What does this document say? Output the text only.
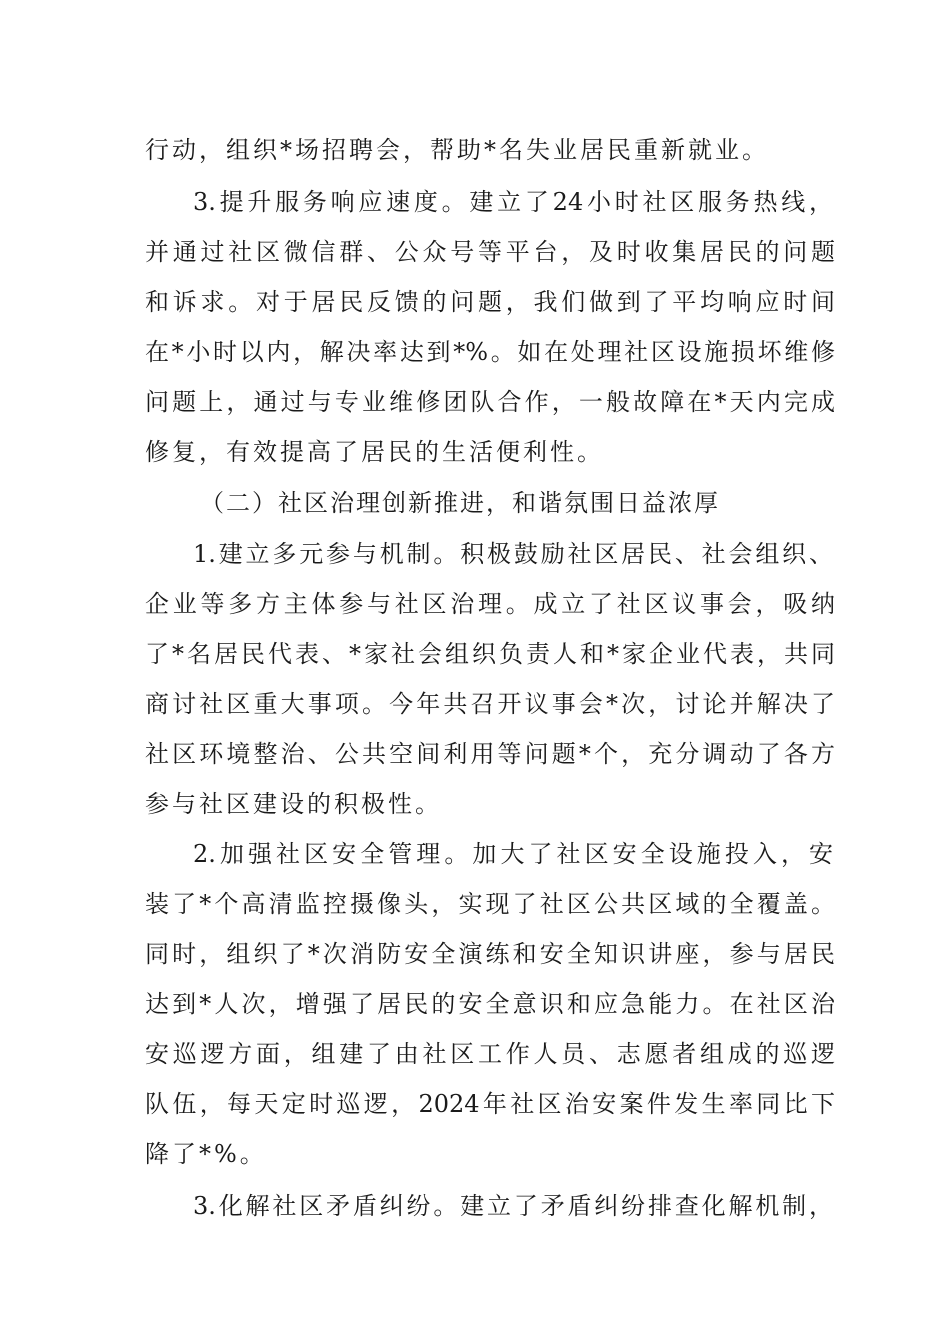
行动，组织*场招聘会，帮助*名失业居民重新就业。
3.提升服务响应速度。建立了24小时社区服务热线，
并通过社区微信群、公众号等平台，及时收集居民的问题
和诉求。对于居民反馈的问题，我们做到了平均响应时间
在*小时以内，解决率达到*%。如在处理社区设施损坏维修
问题上，通过与专业维修团队合作，一般故障在*天内完成
修复，有效提高了居民的生活便利性。
（二）社区治理创新推进，和谐氛围日益浓厚
1.建立多元参与机制。积极鼓励社区居民、社会组织、
企业等多方主体参与社区治理。成立了社区议事会，吸纳
了*名居民代表、*家社会组织负责人和*家企业代表，共同
商讨社区重大事项。今年共召开议事会*次，讨论并解决了
社区环境整治、公共空间利用等问题*个，充分调动了各方
参与社区建设的积极性。
2.加强社区安全管理。加大了社区安全设施投入，安
装了*个高清监控摄像头，实现了社区公共区域的全覆盖。
同时，组织了*次消防安全演练和安全知识讲座，参与居民
达到*人次，增强了居民的安全意识和应急能力。在社区治
安巡逻方面，组建了由社区工作人员、志愿者组成的巡逻
队伍，每天定时巡逻，2024年社区治安案件发生率同比下
降了*%。
3.化解社区矛盾纠纷。建立了矛盾纠纷排查化解机制，
